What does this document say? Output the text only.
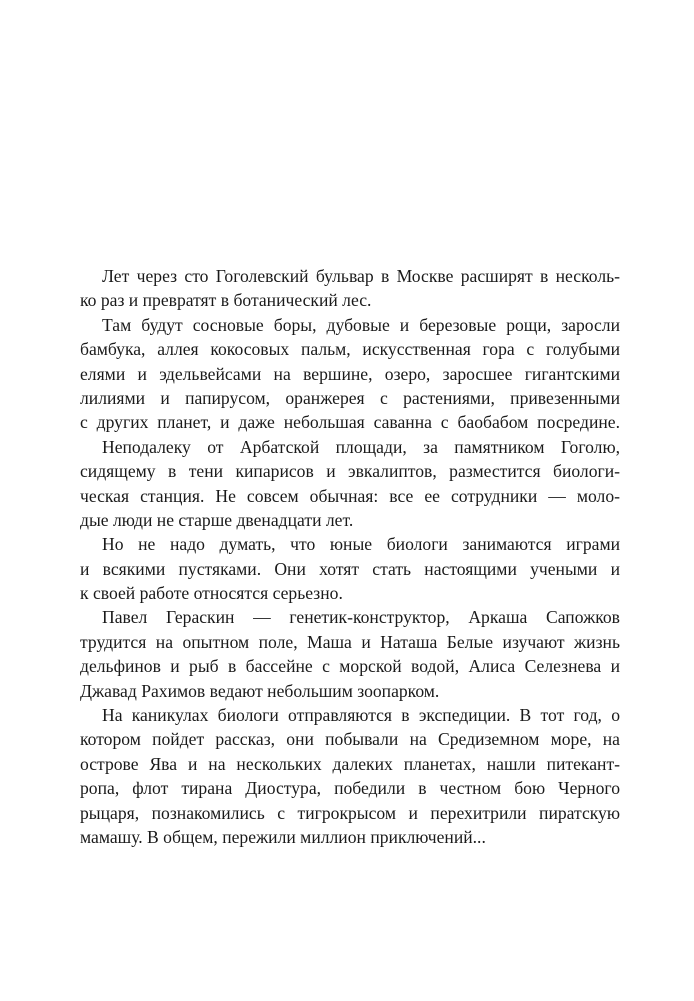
Лет через сто Гоголевский бульвар в Москве расширят в несколь-
ко раз и превратят в ботанический лес.

Там будут сосновые боры, дубовые и березовые рощи, заросли
бамбука, аллея кокосовых пальм, искусственная гора с голубыми
елями и эдельвейсами на вершине, озеро, заросшее гигантскими
лилиями и папирусом, оранжерея с растениями, привезенными
с других планет, и даже небольшая саванна с баобабом посредине.

Неподалеку от Арбатской площади, за памятником Гоголю,
сидящему в тени кипарисов и эвкалиптов, разместится биологи-
ческая станция. Не совсем обычная: все ее сотрудники — моло-
дые люди не старше двенадцати лет.

Но не надо думать, что юные биологи занимаются играми
и всякими пустяками. Они хотят стать настоящими учеными и
к своей работе относятся серьезно.

Павел Гераскин — генетик-конструктор, Аркаша Сапожков
трудится на опытном поле, Маша и Наташа Белые изучают жизнь
дельфинов и рыб в бассейне с морской водой, Алиса Селезнева и
Джавад Рахимов ведают небольшим зоопарком.

На каникулах биологи отправляются в экспедиции. В тот год, о
котором пойдет рассказ, они побывали на Средиземном море, на
острове Ява и на нескольких далеких планетах, нашли питекант-
ропа, флот тирана Диостура, победили в честном бою Черного
рыцаря, познакомились с тигрокрысом и перехитрили пиратскую
мамашу. В общем, пережили миллион приключений...
